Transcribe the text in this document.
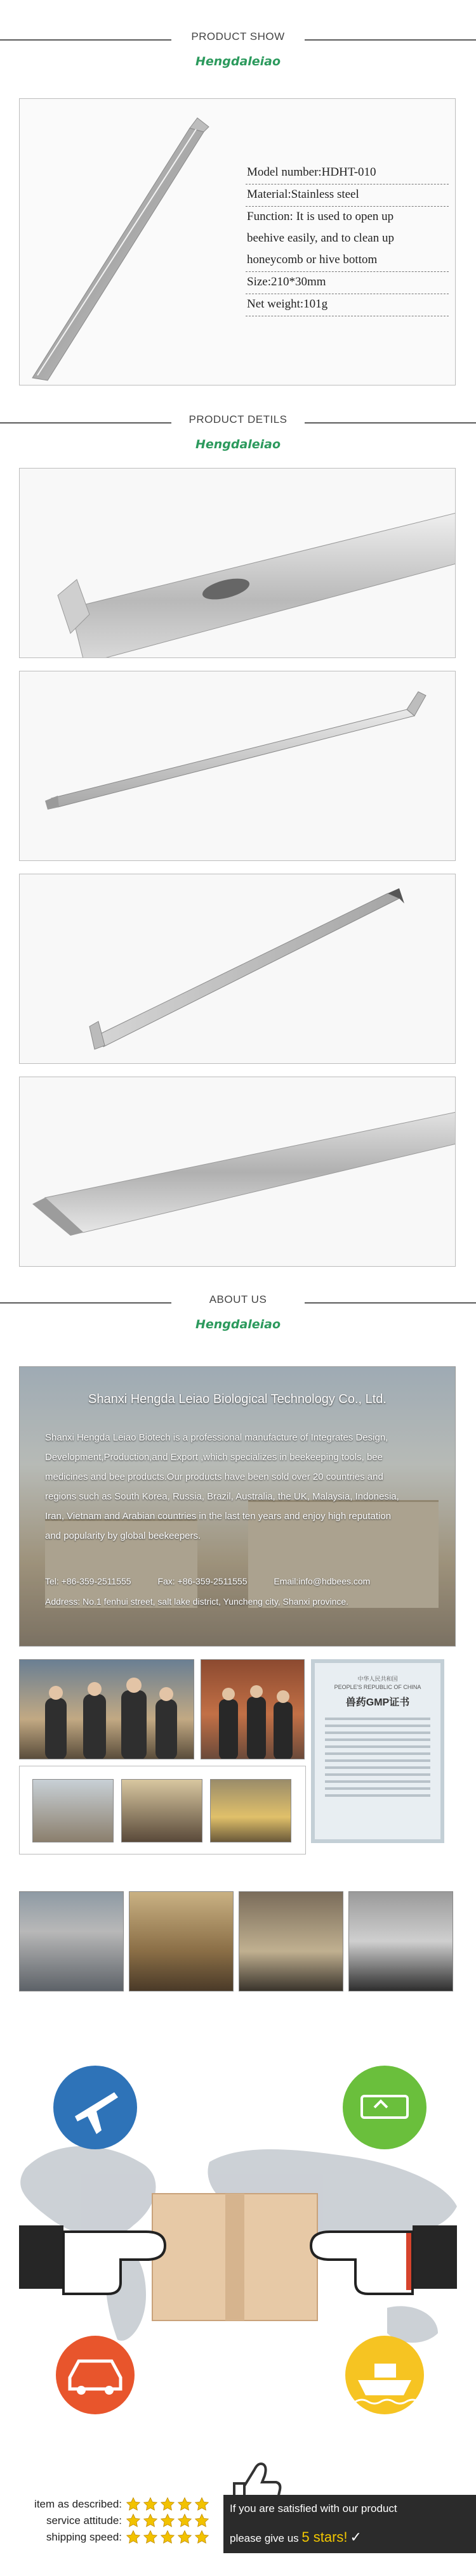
PRODUCT SHOW
Hengdaleiao
Model number:HDHT-010
Material:Stainless steel
Function: It is used to open up
beehive easily, and to clean up
honeycomb or hive bottom
Size:210*30mm
Net weight:101g
PRODUCT DETILS
Hengdaleiao
ABOUT US
Hengdaleiao
Shanxi Hengda Leiao Biological Technology Co., Ltd.
Shanxi Hengda Leiao Biotech is a professional manufacture of Integrates Design,
Development,Production,and Export ,which specializes in beekeeping tools, bee
medicines and bee products.Our products have been sold over 20 countries and
regions such as South Korea, Russia, Brazil, Australia, the UK, Malaysia, Indonesia,
Iran, Vietnam and Arabian countries in the last ten years and enjoy high reputation
and popularity by global beekeepers.
Tel: +86-359-2511555	Fax: +86-359-2511555	Email:info@hdbees.com
Address: No.1 fenhui street, salt lake district, Yuncheng city, Shanxi province.
中华人民共和国
PEOPLE'S REPUBLIC OF CHINA
兽药GMP证书
item as described:
service attitude:
shipping speed:
If you are satisfied with our product
please give us 5 stars! ✓
